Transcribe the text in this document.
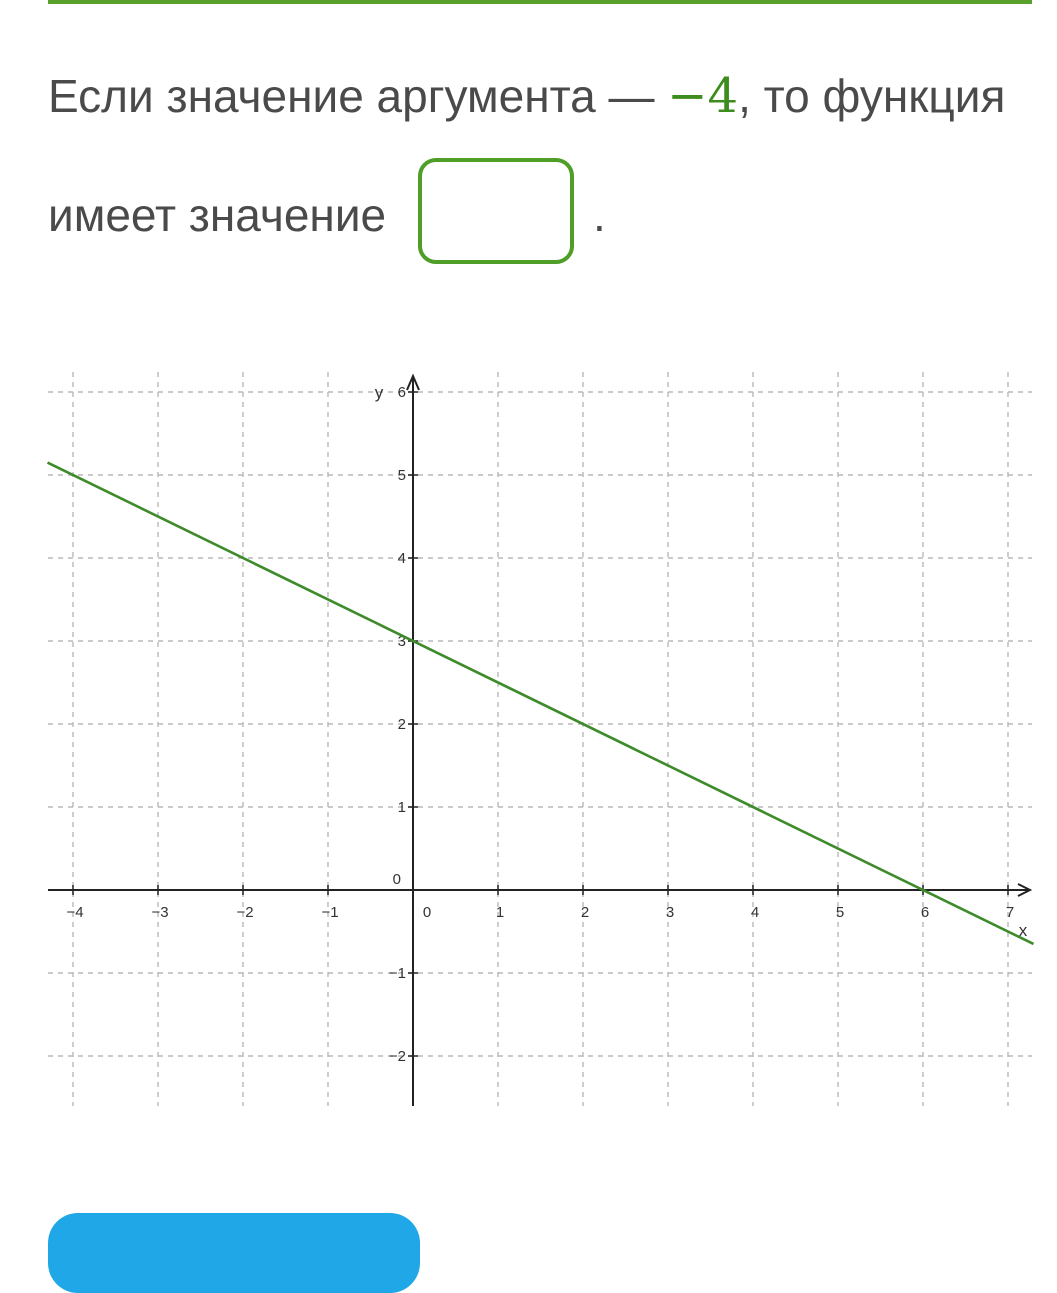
Если значение аргумента — −4, то функция
имеет значение	.
−4	−3	−2	−1	0	1	2	3	4	5	6	7
−2
−1
0
1
2
3
4
5
6
x
y
